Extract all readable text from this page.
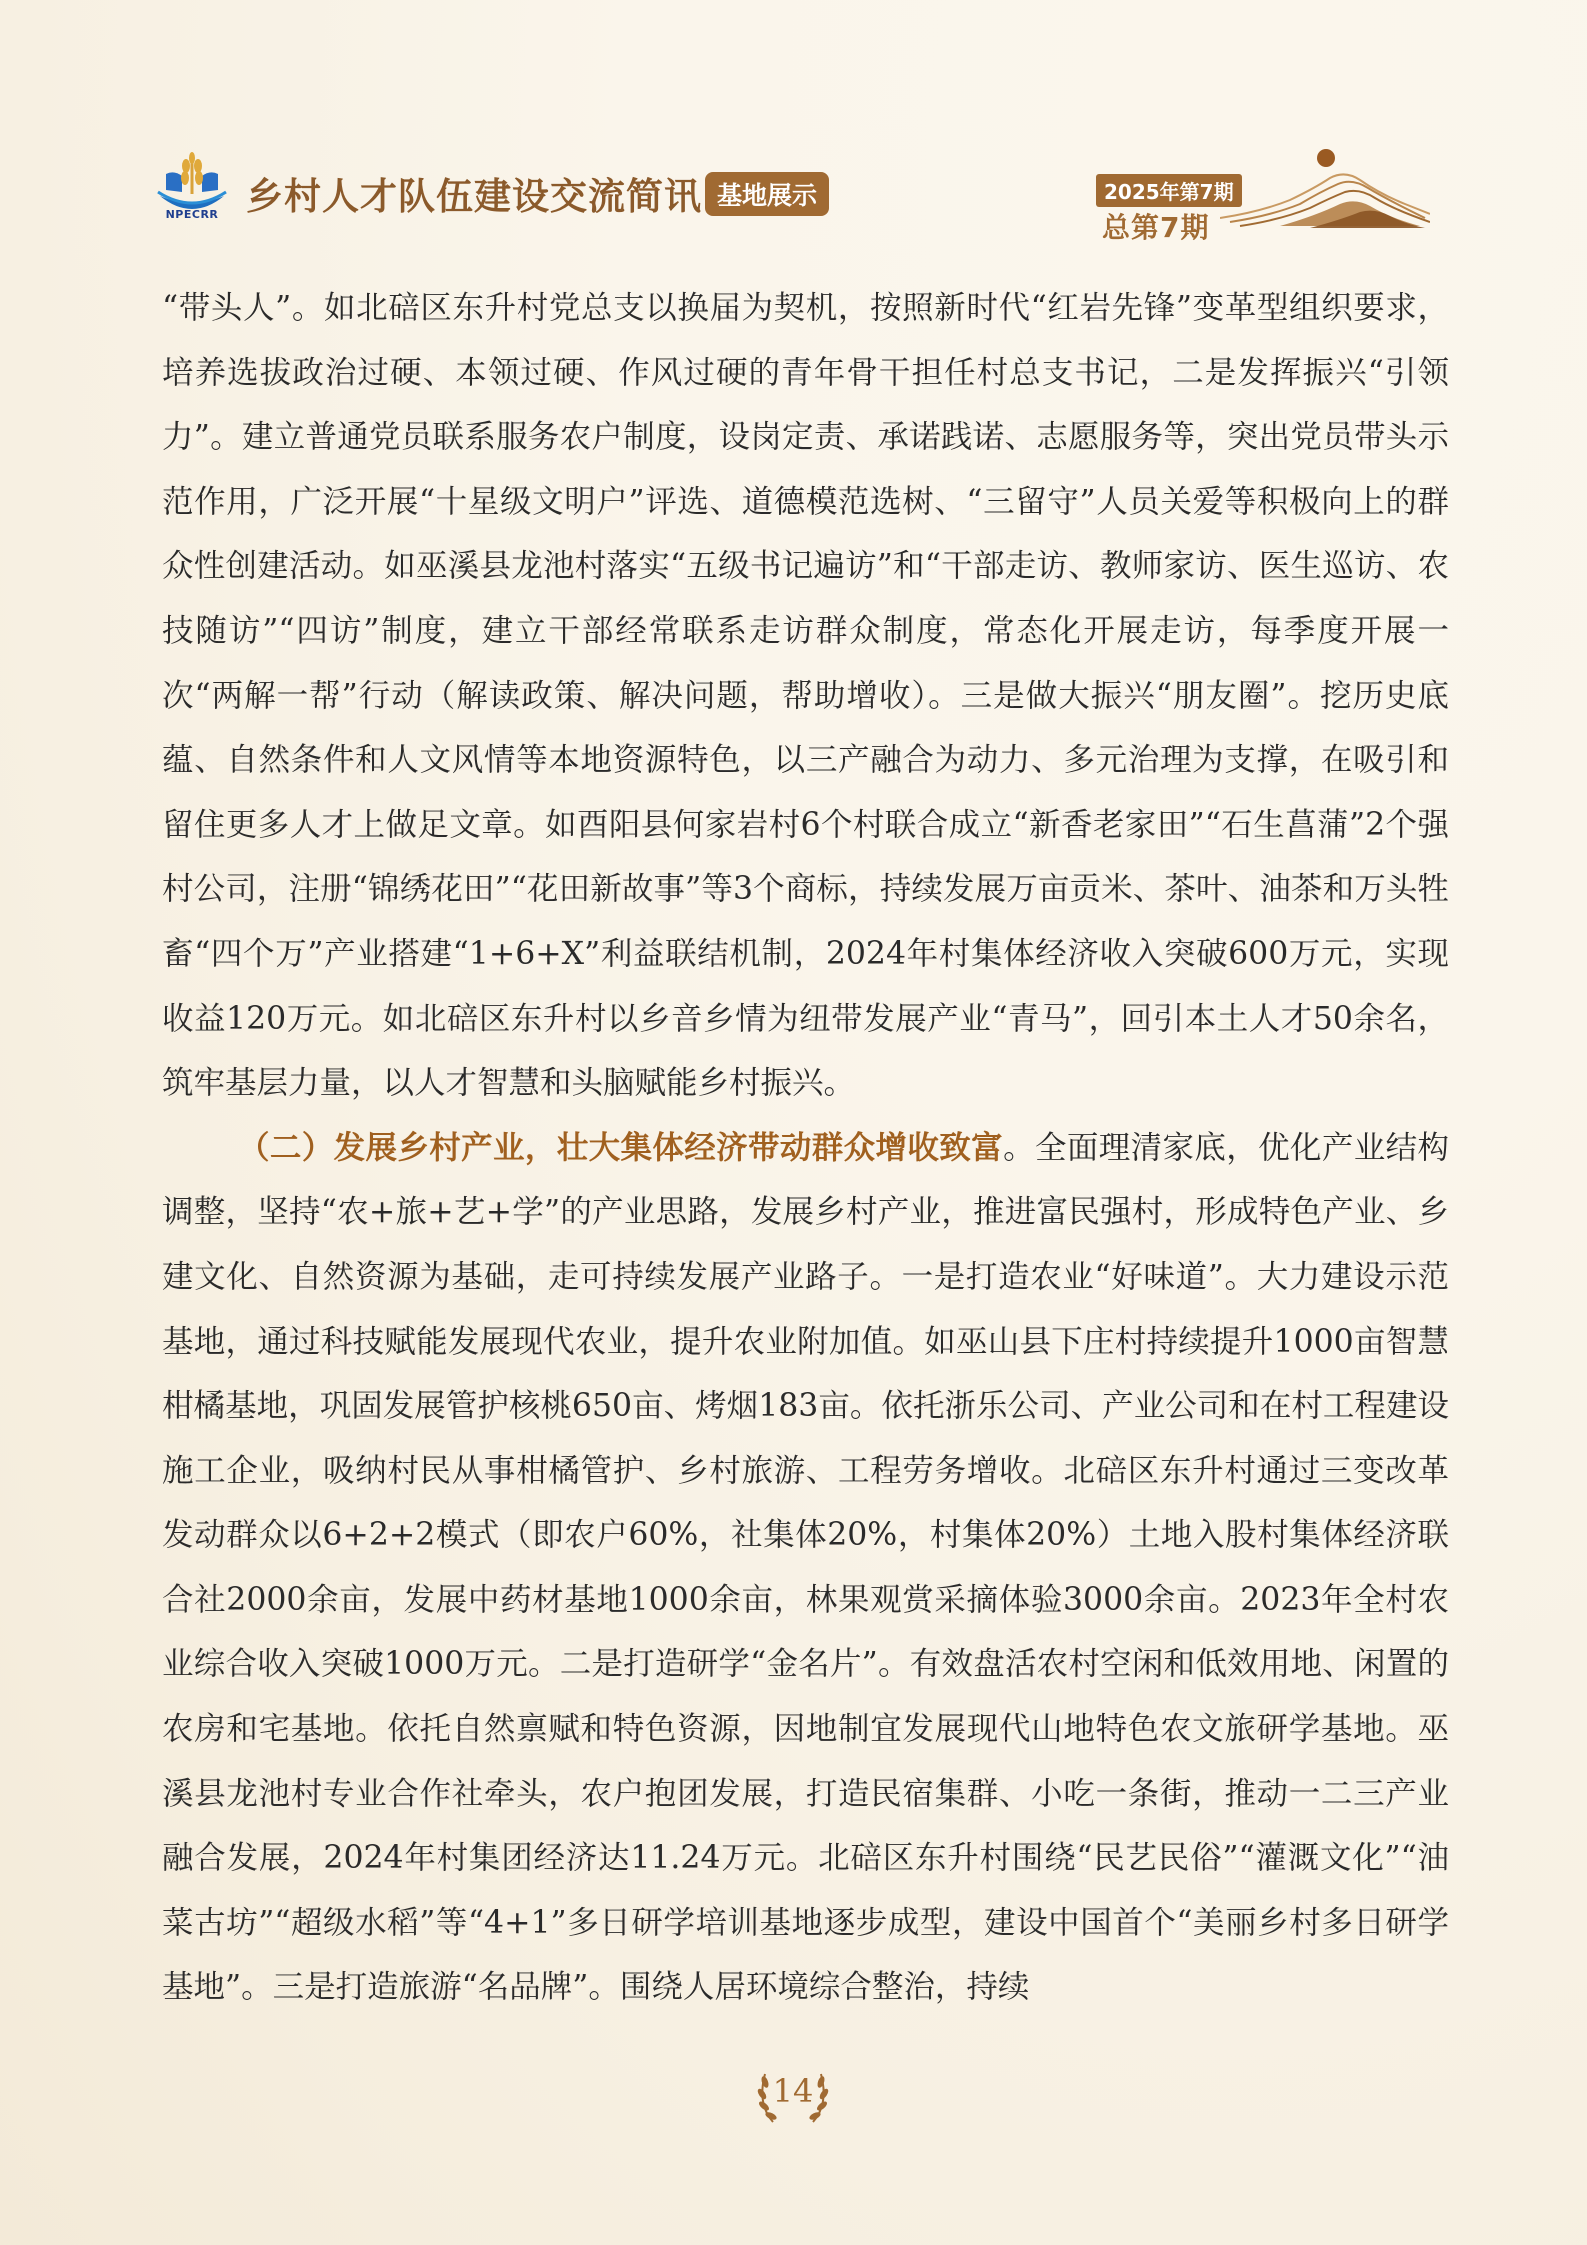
NPECRR 乡村人才队伍建设交流简讯 基地展示	2025年第7期
总第7期

“带头人”。如北碚区东升村党总支以换届为契机，按照新时代“红岩先锋”变革型组织要求，培养选拔政治过硬、本领过硬、作风过硬的青年骨干担任村总支书记，二是发挥振兴“引领力”。建立普通党员联系服务农户制度，设岗定责、承诺践诺、志愿服务等，突出党员带头示范作用，广泛开展“十星级文明户”评选、道德模范选树、“三留守”人员关爱等积极向上的群众性创建活动。如巫溪县龙池村落实“五级书记遍访”和“干部走访、教师家访、医生巡访、农技随访”“四访”制度，建立干部经常联系走访群众制度，常态化开展走访，每季度开展一次“两解一帮”行动（解读政策、解决问题，帮助增收）。三是做大振兴“朋友圈”。挖历史底蕴、自然条件和人文风情等本地资源特色，以三产融合为动力、多元治理为支撑，在吸引和留住更多人才上做足文章。如酉阳县何家岩村6个村联合成立“新香老家田”“石生菖蒲”2个强村公司，注册“锦绣花田”“花田新故事”等3个商标，持续发展万亩贡米、茶叶、油茶和万头牲畜“四个万”产业搭建“1+6+X”利益联结机制，2024年村集体经济收入突破600万元，实现收益120万元。如北碚区东升村以乡音乡情为纽带发展产业“青马”，回引本土人才50余名，筑牢基层力量，以人才智慧和头脑赋能乡村振兴。

（二）发展乡村产业，壮大集体经济带动群众增收致富。全面理清家底，优化产业结构调整，坚持“农+旅+艺+学”的产业思路，发展乡村产业，推进富民强村，形成特色产业、乡建文化、自然资源为基础，走可持续发展产业路子。一是打造农业“好味道”。大力建设示范基地，通过科技赋能发展现代农业，提升农业附加值。如巫山县下庄村持续提升1000亩智慧柑橘基地，巩固发展管护核桃650亩、烤烟183亩。依托浙乐公司、产业公司和在村工程建设施工企业，吸纳村民从事柑橘管护、乡村旅游、工程劳务增收。北碚区东升村通过三变改革发动群众以6+2+2模式（即农户60%，社集体20%，村集体20%）土地入股村集体经济联合社2000余亩，发展中药材基地1000余亩，林果观赏采摘体验3000余亩。2023年全村农业综合收入突破1000万元。二是打造研学“金名片”。有效盘活农村空闲和低效用地、闲置的农房和宅基地。依托自然禀赋和特色资源，因地制宜发展现代山地特色农文旅研学基地。巫溪县龙池村专业合作社牵头，农户抱团发展，打造民宿集群、小吃一条街，推动一二三产业融合发展，2024年村集团经济达11.24万元。北碚区东升村围绕“民艺民俗”“灌溉文化”“油菜古坊”“超级水稻”等“4+1”多日研学培训基地逐步成型，建设中国首个“美丽乡村多日研学基地”。三是打造旅游“名品牌”。围绕人居环境综合整治，持续

14
